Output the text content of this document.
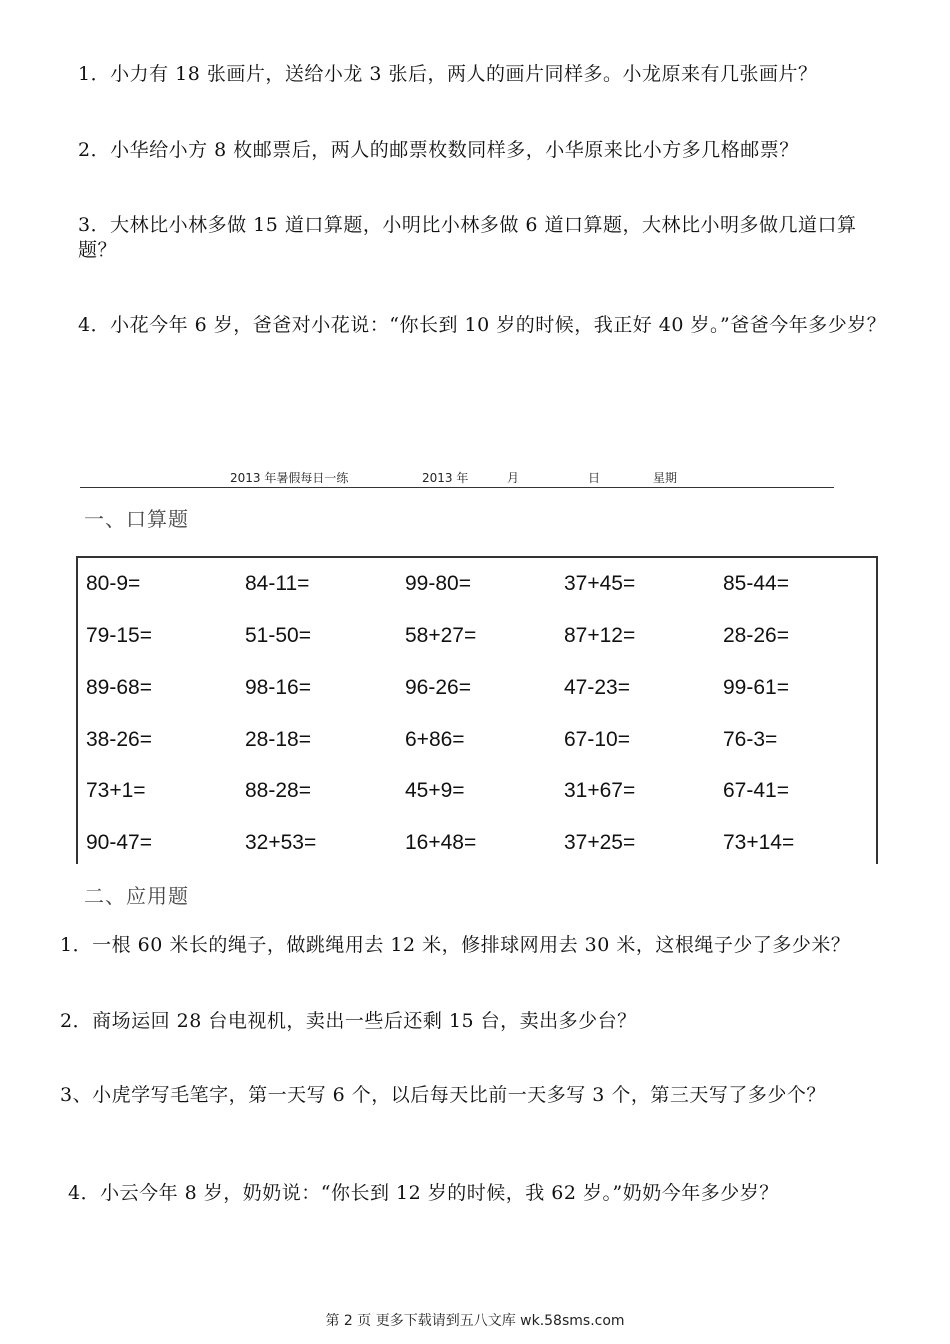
1．小力有 18 张画片，送给小龙 3 张后，两人的画片同样多。小龙原来有几张画片？
2．小华给小方 8 枚邮票后，两人的邮票枚数同样多，小华原来比小方多几格邮票？
3．大林比小林多做 15 道口算题，小明比小林多做 6 道口算题，大林比小明多做几道口算题？
4．小花今年 6 岁，爸爸对小花说：“你长到 10 岁的时候，我正好 40 岁。”爸爸今年多少岁？
2013 年暑假每日一练	2013 年	月	日	星期
一、口算题
80-9=	84-11=	99-80=	37+45=	85-44=
79-15=	51-50=	58+27=	87+12=	28-26=
89-68=	98-16=	96-26=	47-23=	99-61=
38-26=	28-18=	6+86=	67-10=	76-3=
73+1=	88-28=	45+9=	31+67=	67-41=
90-47=	32+53=	16+48=	37+25=	73+14=
二、应用题
1．一根 60 米长的绳子，做跳绳用去 12 米，修排球网用去 30 米，这根绳子少了多少米？
2．商场运回 28 台电视机，卖出一些后还剩 15 台，卖出多少台？
3、小虎学写毛笔字，第一天写 6 个，以后每天比前一天多写 3 个，第三天写了多少个？
4．小云今年 8 岁，奶奶说：“你长到 12 岁的时候，我 62 岁。”奶奶今年多少岁？
第 2 页 更多下载请到五八文库 wk.58sms.com
